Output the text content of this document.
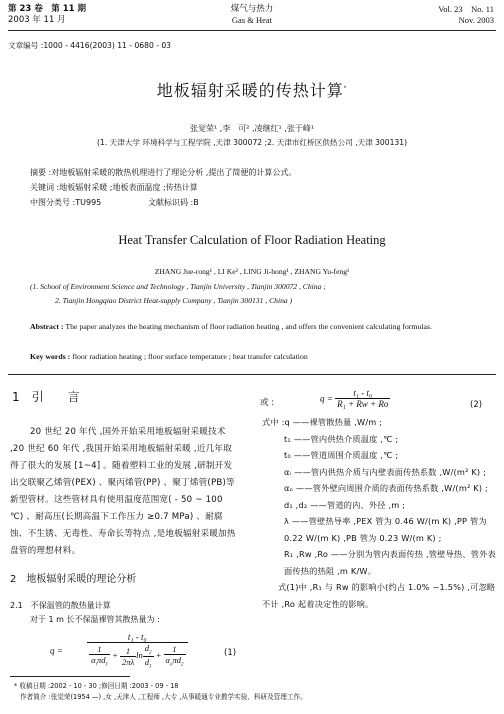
第 23 卷　第 11 期
2003 年 11 月
煤气与热力
Gas & Heat
Vol. 23　No. 11
Nov. 2003
文章编号 :1000 - 4416(2003) 11 - 0680 - 03
地板辐射采暖的传热计算*
张觉荣¹ ,李　可² ,凌继红¹ ,张于峰¹
(1. 天津大学 环境科学与工程学院 ,天津 300072 ;2. 天津市红桥区供热公司 ,天津 300131)
摘要 :对地板辐射采暖的散热机理进行了理论分析 ,提出了简便的计算公式。
关键词 :地板辐射采暖 ;地板表面温度 ;传热计算
中图分类号 :TU995	文献标识码 :B
Heat Transfer Calculation of Floor Radiation Heating
ZHANG Jue-rong¹ , LI Ke² , LING Ji-hong¹ , ZHANG Yu-feng¹
(1. School of Environment Science and Technology , Tianjin University , Tianjin 300072 , China ;
2. Tianjin Hongqiao District Heat-supply Company , Tianjin 300131 , China )
Abstract : The paper analyzes the heating mechanism of floor radiation heating , and offers the convenient calculating formulas.
Key words : floor radiation heating ; floor surface temperature ; heat transfer calculation
1　引　　言
20 世纪 20 年代 ,国外开始采用地板辐射采暖技术 ,20 世纪 60 年代 ,我国开始采用地板辐射采暖 ,近几年取得了很大的发展 [1~4] 。随着塑料工业的发展 ,研制开发出交联聚乙烯管(PEX) 、聚丙烯管(PP) 、聚丁烯管(PB)等新型管材。这些管材具有使用温度范围宽( - 50 ~ 100 ℃) 、耐高压(长期高温下工作压力 ≥0.7 MPa) 、耐腐蚀、不生锈、无毒性、寿命长等特点 ,是地板辐射采暖加热盘管的理想材料。
2　地板辐射采暖的理论分析
2.1　不保温管的散热量计算
对于 1 m 长不保温裸管其散热量为 :
q =	$\frac{\text{t₁ - t₀}}{\frac{1}{\alpha_i\pi d_1} + \frac{1}{2\pi\lambda} \ln \frac{d_2}{d_1} + \frac{1}{\alpha_o\pi d_2}}$	(1)
或 :	$q = \frac{\text{t₁ - t₀}}{\text{R₁ + Rw + Ro}}$	(2)
式中 :q ——裸管散热量 ,W/m ;
t₁ ——管内供热介质温度 ,℃ ;
t₀ ——管道周围介质温度 ,℃ ;
αᵢ ——管内供热介质与内壁表面传热系数 ,W/(m² K) ;
αₒ ——管外壁向周围介质的表面传热系数 ,W/(m² K) ;
d₁ ,d₂ ——管道的内、外径 ,m ;
λ ——管壁热导率 ,PEX 管为 0.46 W/(m K) ,PP 管为 0.22 W/(m K) ,PB 管为 0.23 W/(m K) ;
R₁ ,Rw ,Ro ——分别为管内表面传热 ,管壁导热、管外表面传热的热阻 ,m K/W。
式(1)中 ,R₁ 与 Rw 的影响小(约占 1.0% ~1.5%) ,可忽略不计 ,Ro 起着决定性的影响。
* 收稿日期 :2002 - 10 - 30 ;修回日期 :2003 - 09 - 18
作者简介 :张觉荣(1954 —) ,女 ,天津人 ,工程师 ,大专 ,从事暖通专业教学实验、科研及管理工作。
